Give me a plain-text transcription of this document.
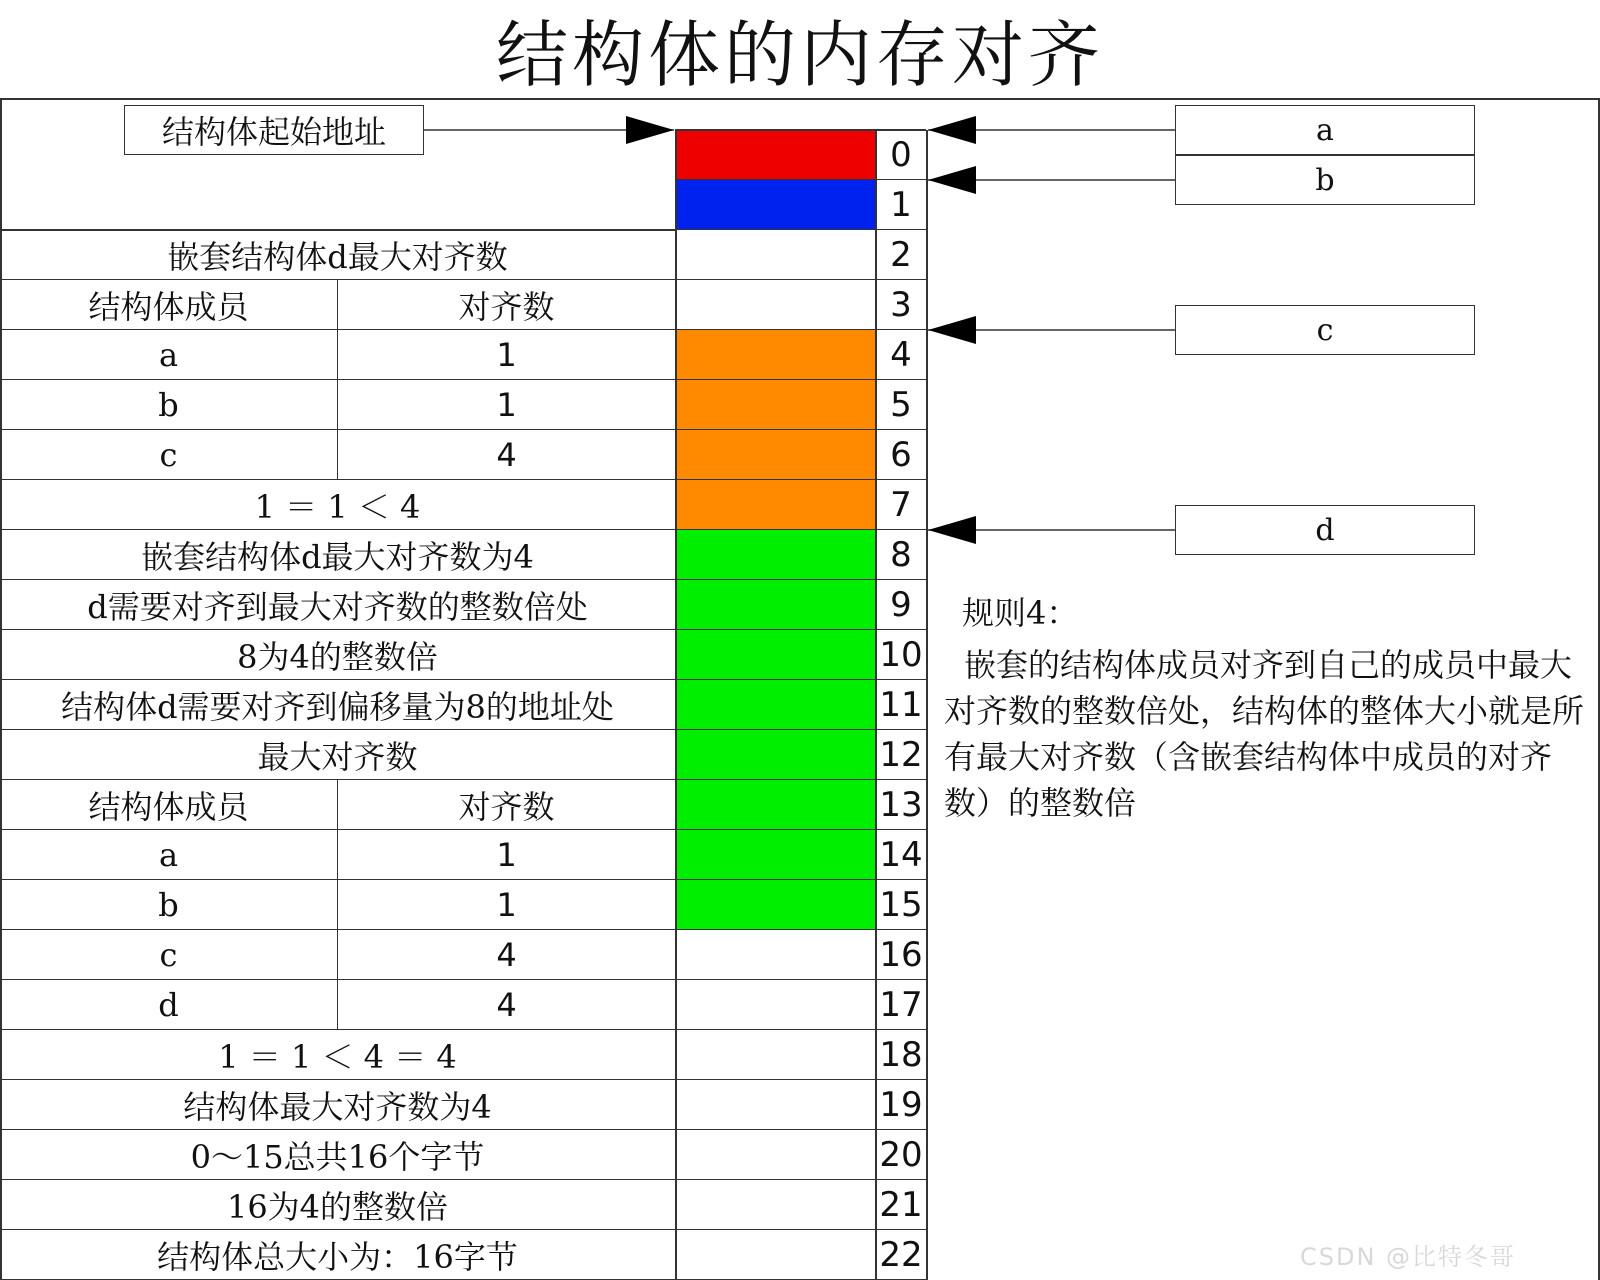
结构体的内存对齐
结构体起始地址
嵌套结构体d最大对齐数
结构体成员	对齐数
a	1
b	1
c	4
1 ＝ 1 ＜ 4
嵌套结构体d最大对齐数为4
d需要对齐到最大对齐数的整数倍处
8为4的整数倍
结构体d需要对齐到偏移量为8的地址处
最大对齐数
结构体成员	对齐数
a	1
b	1
c	4
d	4
1 ＝ 1 ＜ 4 ＝ 4
结构体最大对齐数为4
0～15总共16个字节
16为4的整数倍
结构体总大小为：16字节
0
1
2
3
4
5
6
7
8
9
10
11
12
13
14
15
16
17
18
19
20
21
22
a
b
c
d
规则4：
嵌套的结构体成员对齐到自己的成员中最大对齐数的整数倍处，结构体的整体大小就是所有最大对齐数（含嵌套结构体中成员的对齐数）的整数倍
CSDN @比特冬哥
